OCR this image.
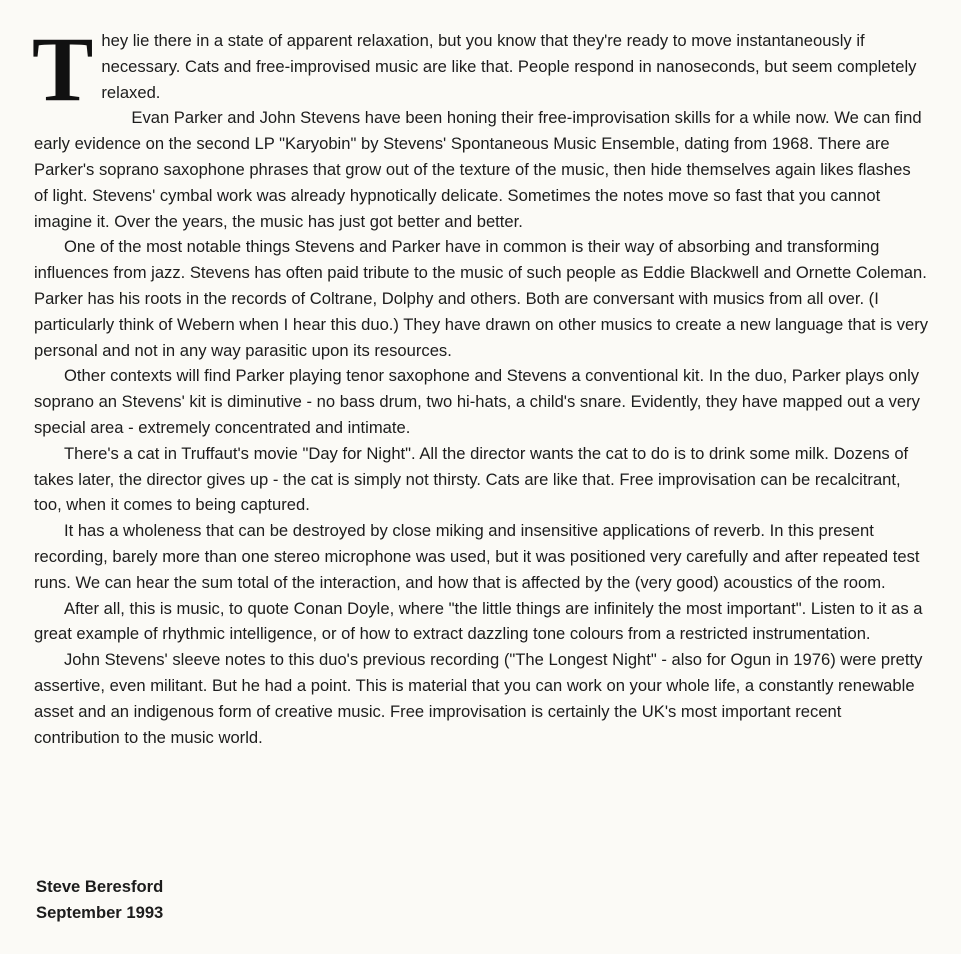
They lie there in a state of apparent relaxation, but you know that they're ready to move instantaneously if necessary. Cats and free-improvised music are like that. People respond in nanoseconds, but seem completely relaxed.

Evan Parker and John Stevens have been honing their free-improvisation skills for a while now. We can find early evidence on the second LP "Karyobin" by Stevens' Spontaneous Music Ensemble, dating from 1968. There are Parker's soprano saxophone phrases that grow out of the texture of the music, then hide themselves again likes flashes of light. Stevens' cymbal work was already hypnotically delicate. Sometimes the notes move so fast that you cannot imagine it. Over the years, the music has just got better and better.

One of the most notable things Stevens and Parker have in common is their way of absorbing and transforming influences from jazz. Stevens has often paid tribute to the music of such people as Eddie Blackwell and Ornette Coleman. Parker has his roots in the records of Coltrane, Dolphy and others. Both are conversant with musics from all over. (I particularly think of Webern when I hear this duo.) They have drawn on other musics to create a new language that is very personal and not in any way parasitic upon its resources.

Other contexts will find Parker playing tenor saxophone and Stevens a conventional kit. In the duo, Parker plays only soprano an Stevens' kit is diminutive - no bass drum, two hi-hats, a child's snare. Evidently, they have mapped out a very special area - extremely concentrated and intimate.

There's a cat in Truffaut's movie "Day for Night". All the director wants the cat to do is to drink some milk. Dozens of takes later, the director gives up - the cat is simply not thirsty. Cats are like that. Free improvisation can be recalcitrant, too, when it comes to being captured.

It has a wholeness that can be destroyed by close miking and insensitive applications of reverb. In this present recording, barely more than one stereo microphone was used, but it was positioned very carefully and after repeated test runs. We can hear the sum total of the interaction, and how that is affected by the (very good) acoustics of the room.

After all, this is music, to quote Conan Doyle, where "the little things are infinitely the most important". Listen to it as a great example of rhythmic intelligence, or of how to extract dazzling tone colours from a restricted instrumentation.

John Stevens' sleeve notes to this duo's previous recording ("The Longest Night" - also for Ogun in 1976) were pretty assertive, even militant. But he had a point. This is material that you can work on your whole life, a constantly renewable asset and an indigenous form of creative music. Free improvisation is certainly the UK's most important recent contribution to the music world.

Steve Beresford
September 1993
